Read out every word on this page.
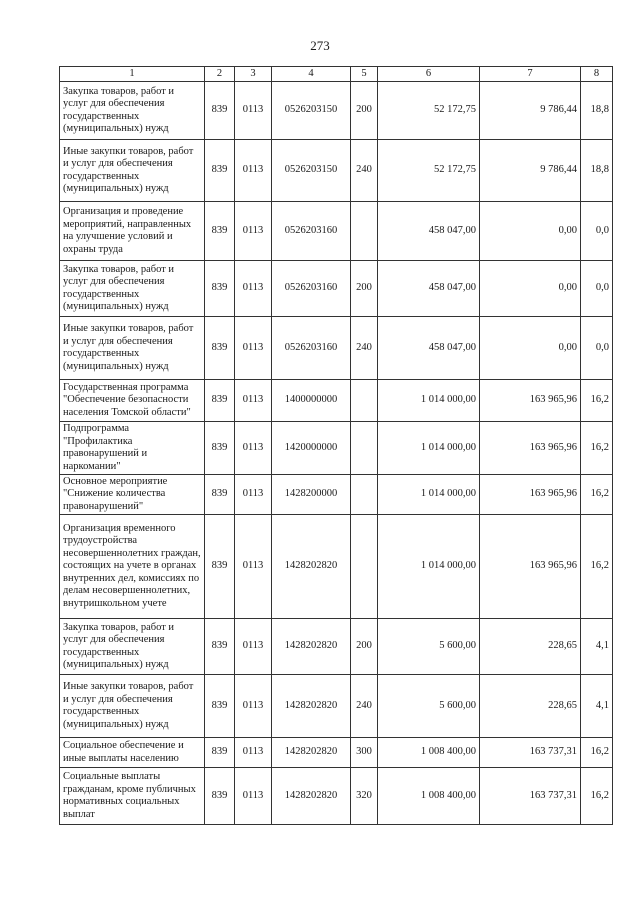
273
1	2	3	4	5	6	7	8
Закупка товаров, работ и услуг для обеспечения государственных (муниципальных) нужд	839	0113	0526203150	200	52 172,75	9 786,44	18,8
Иные закупки товаров, работ и услуг для обеспечения государственных (муниципальных) нужд	839	0113	0526203150	240	52 172,75	9 786,44	18,8
Организация и проведение мероприятий, направленных на улучшение условий и охраны труда	839	0113	0526203160		458 047,00	0,00	0,0
Закупка товаров, работ и услуг для обеспечения государственных (муниципальных) нужд	839	0113	0526203160	200	458 047,00	0,00	0,0
Иные закупки товаров, работ и услуг для обеспечения государственных (муниципальных) нужд	839	0113	0526203160	240	458 047,00	0,00	0,0
Государственная программа "Обеспечение безопасности населения Томской области"	839	0113	1400000000		1 014 000,00	163 965,96	16,2
Подпрограмма "Профилактика правонарушений и наркомании"	839	0113	1420000000		1 014 000,00	163 965,96	16,2
Основное мероприятие "Снижение количества правонарушений"	839	0113	1428200000		1 014 000,00	163 965,96	16,2
Организация временного трудоустройства несовершеннолетних граждан, состоящих на учете в органах внутренних дел, комиссиях по делам несовершеннолетних, внутришкольном учете	839	0113	1428202820		1 014 000,00	163 965,96	16,2
Закупка товаров, работ и услуг для обеспечения государственных (муниципальных) нужд	839	0113	1428202820	200	5 600,00	228,65	4,1
Иные закупки товаров, работ и услуг для обеспечения государственных (муниципальных) нужд	839	0113	1428202820	240	5 600,00	228,65	4,1
Социальное обеспечение и иные выплаты населению	839	0113	1428202820	300	1 008 400,00	163 737,31	16,2
Социальные выплаты гражданам, кроме публичных нормативных социальных выплат	839	0113	1428202820	320	1 008 400,00	163 737,31	16,2
